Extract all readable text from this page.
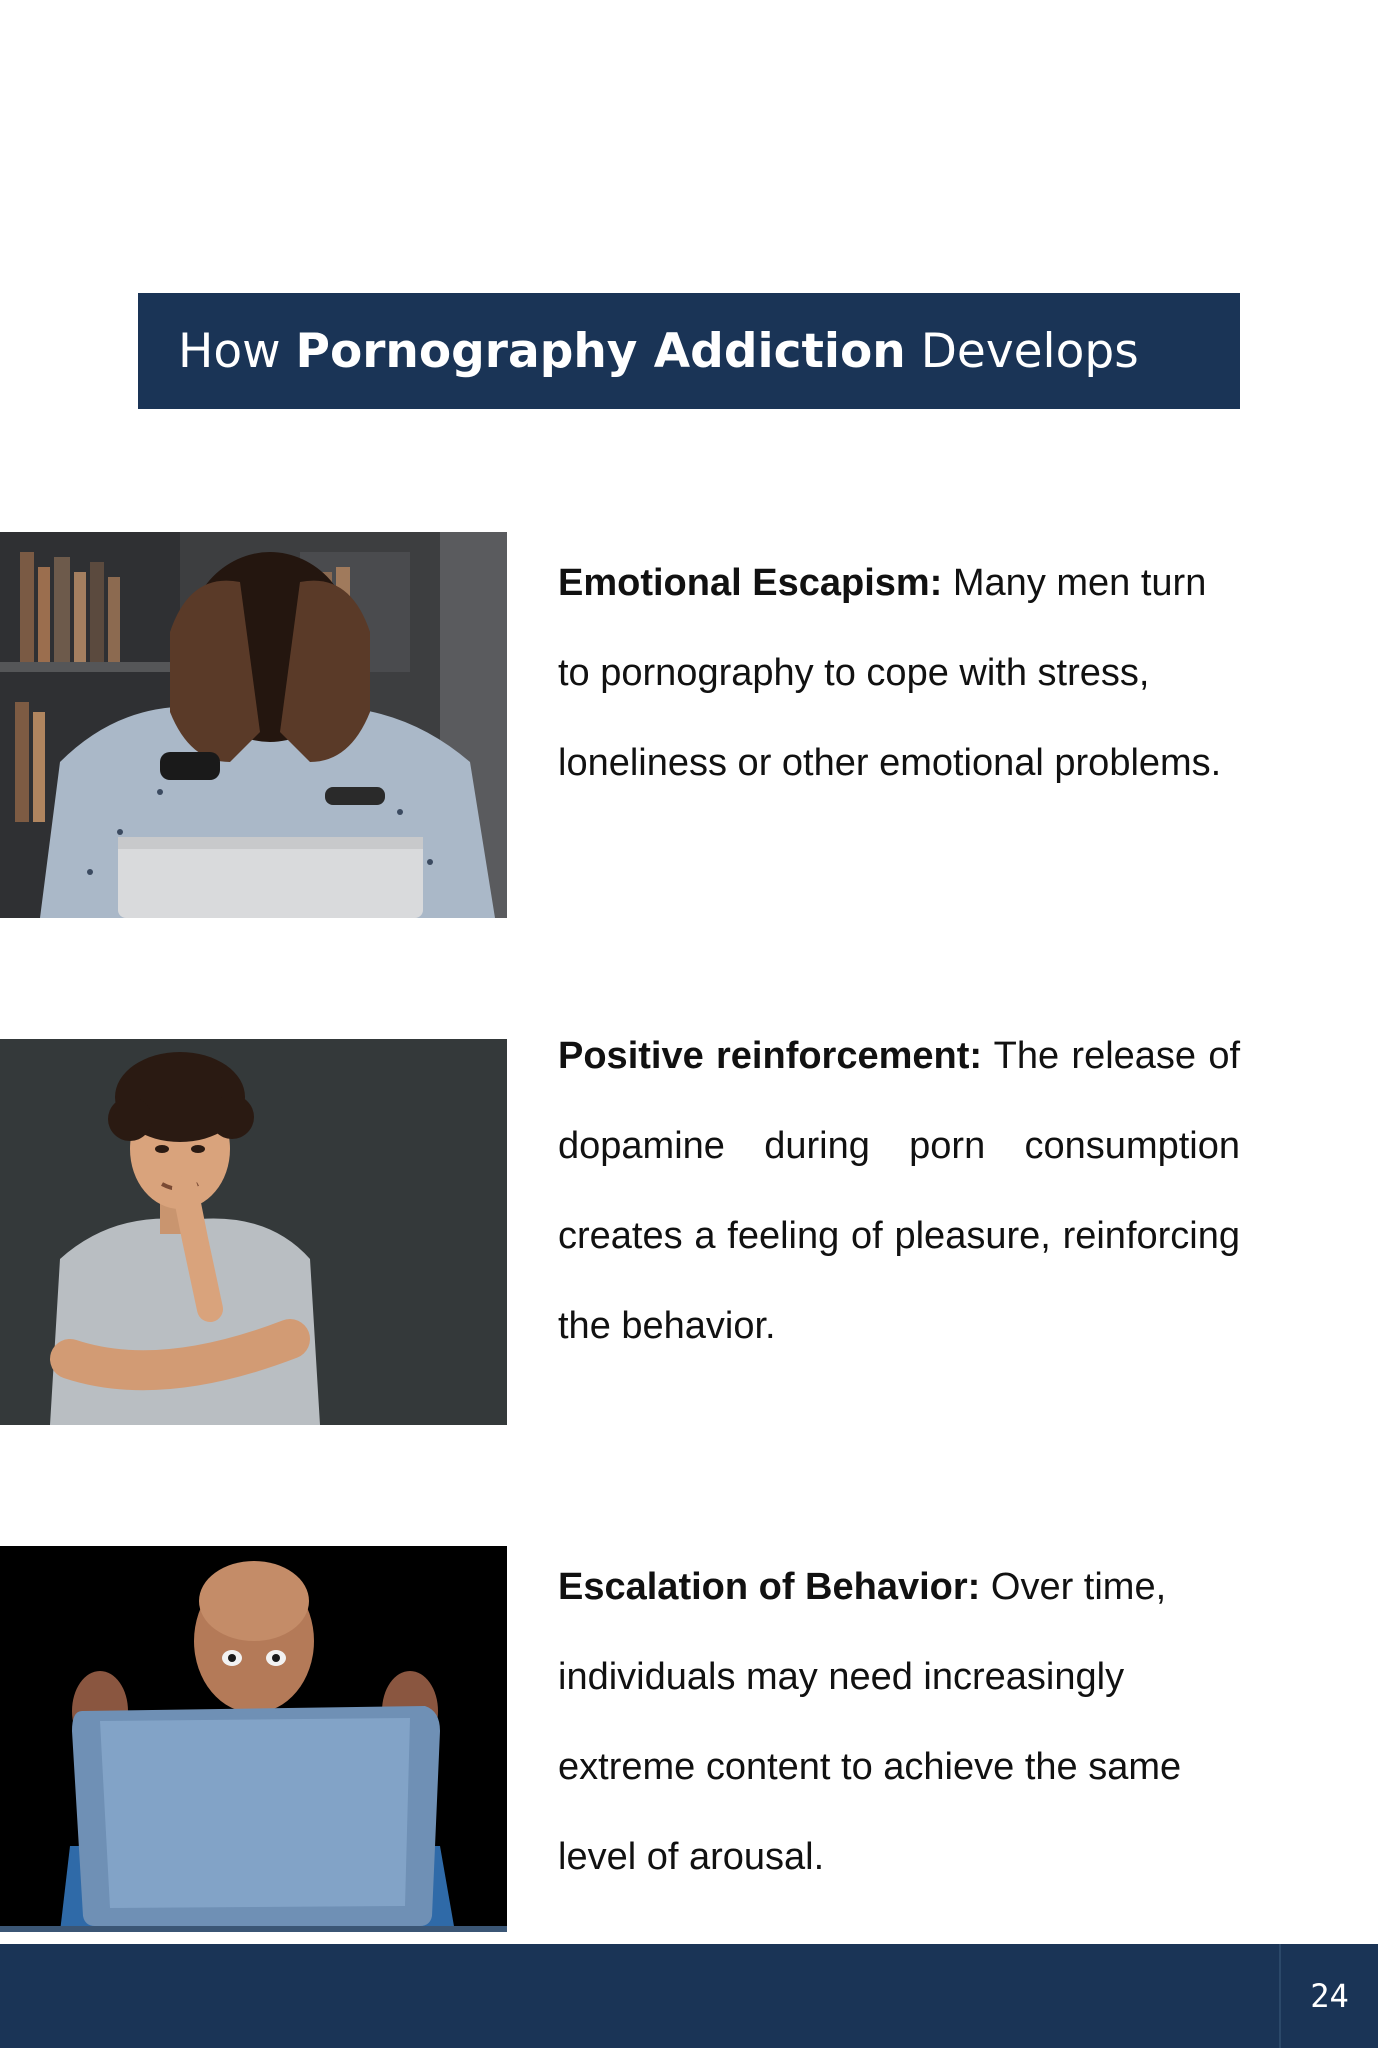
How
Pornography Addiction
Develops

Emotional Escapism: Many men turn to pornography to cope with stress, loneliness or other emotional problems.

Positive reinforcement: The release of dopamine during porn consumption creates a feeling of pleasure, reinforcing the behavior.

Escalation of Behavior: Over time, individuals may need increasingly extreme content to achieve the same level of arousal.

24
